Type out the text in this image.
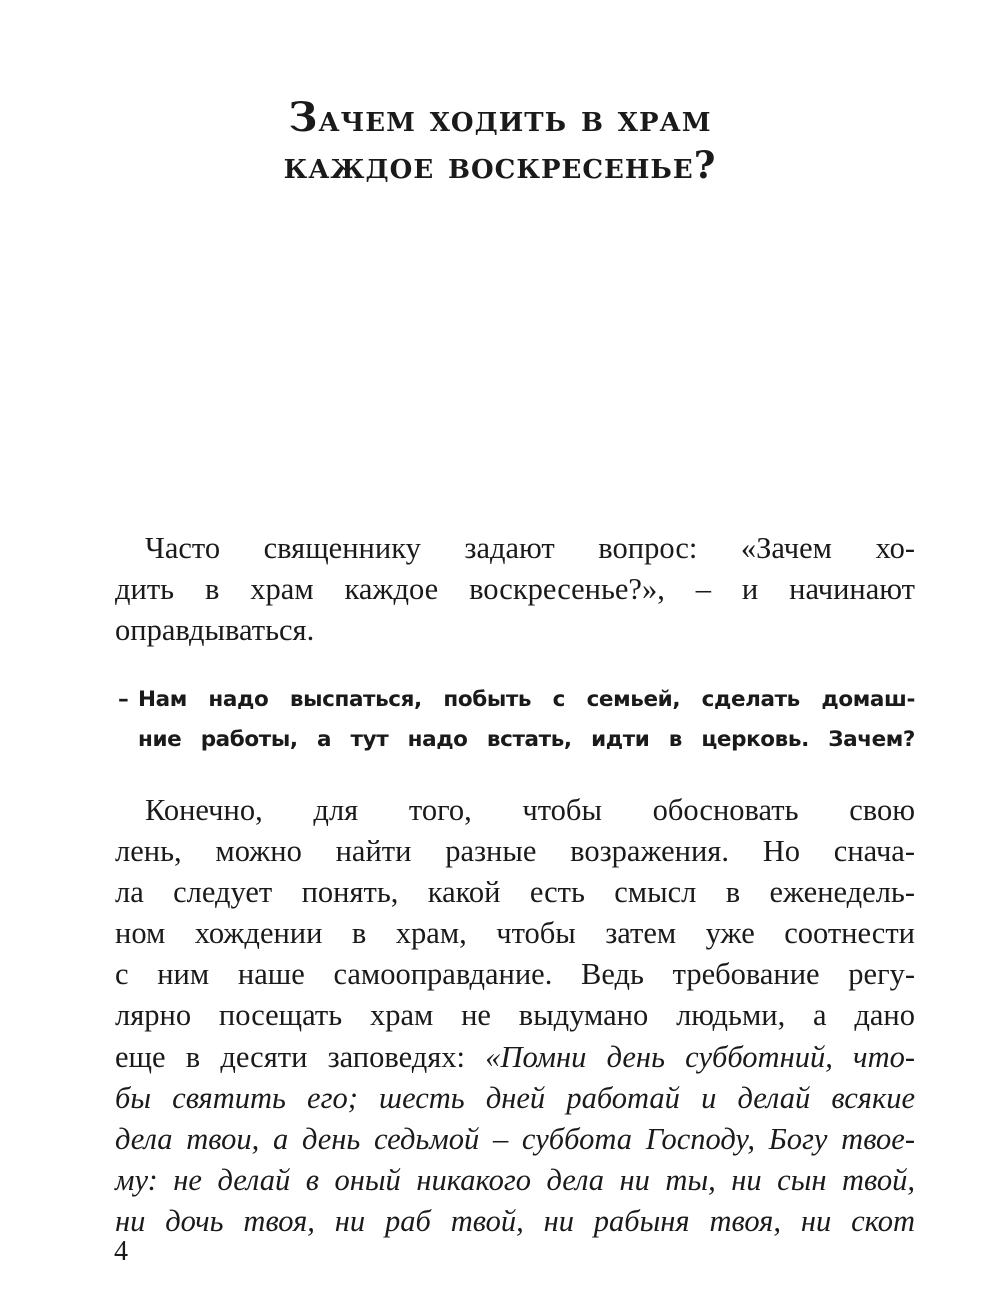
Зачем ходить в храм
каждое воскресенье?
Часто священнику задают вопрос: «Зачем хо-
дить в храм каждое воскресенье?», – и начинают
оправдываться.
– Нам надо выспаться, побыть с семьей, сделать домаш-
ние работы, а тут надо встать, идти в церковь. Зачем?
Конечно, для того, чтобы обосновать свою
лень, можно найти разные возражения. Но снача-
ла следует понять, какой есть смысл в еженедель-
ном хождении в храм, чтобы затем уже соотнести
с ним наше самооправдание. Ведь требование регу-
лярно посещать храм не выдумано людьми, а дано
еще в десяти заповедях: «Помни день субботний, что-
бы святить его; шесть дней работай и делай всякие
дела твои, а день седьмой – суббота Господу, Богу твое-
му: не делай в оный никакого дела ни ты, ни сын твой,
ни дочь твоя, ни раб твой, ни рабыня твоя, ни скот
4
